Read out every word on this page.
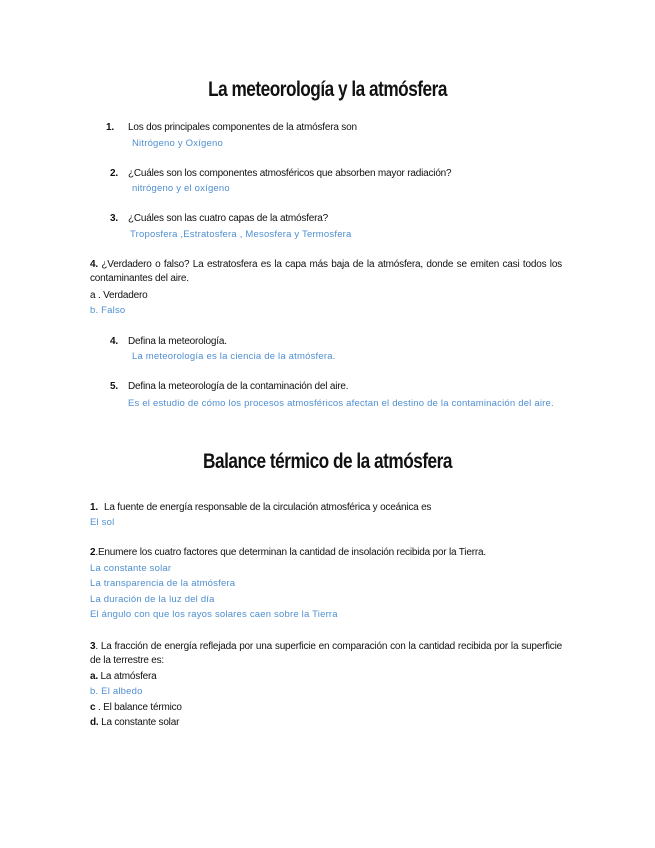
La meteorología y la atmósfera
1. Los dos principales componentes de la atmósfera son
Nitrógeno y Oxígeno
2. ¿Cuáles son los componentes atmosféricos que absorben mayor radiación?
nitrógeno y el oxígeno
3. ¿Cuáles son las cuatro capas de la atmósfera?
Troposfera ,Estratosfera , Mesosfera y Termosfera
4. ¿Verdadero o falso? La estratosfera es la capa más baja de la atmósfera, donde se emiten casi todos los contaminantes del aire.
a . Verdadero
b. Falso
4. Defina la meteorología.
La meteorología es la ciencia de la atmósfera.
5. Defina la meteorología de la contaminación del aire.
Es el estudio de cómo los procesos atmosféricos afectan el destino de la contaminación del aire.
Balance térmico de la atmósfera
1. La fuente de energía responsable de la circulación atmosférica y oceánica es
El sol
2.Enumere los cuatro factores que determinan la cantidad de insolación recibida por la Tierra.
La constante solar
La transparencia de la atmósfera
La duración de la luz del día
El ángulo con que los rayos solares caen sobre la Tierra
3. La fracción de energía reflejada por una superficie en comparación con la cantidad recibida por la superficie de la terrestre es:
a. La atmósfera
b. El albedo
c . El balance térmico
d. La constante solar
